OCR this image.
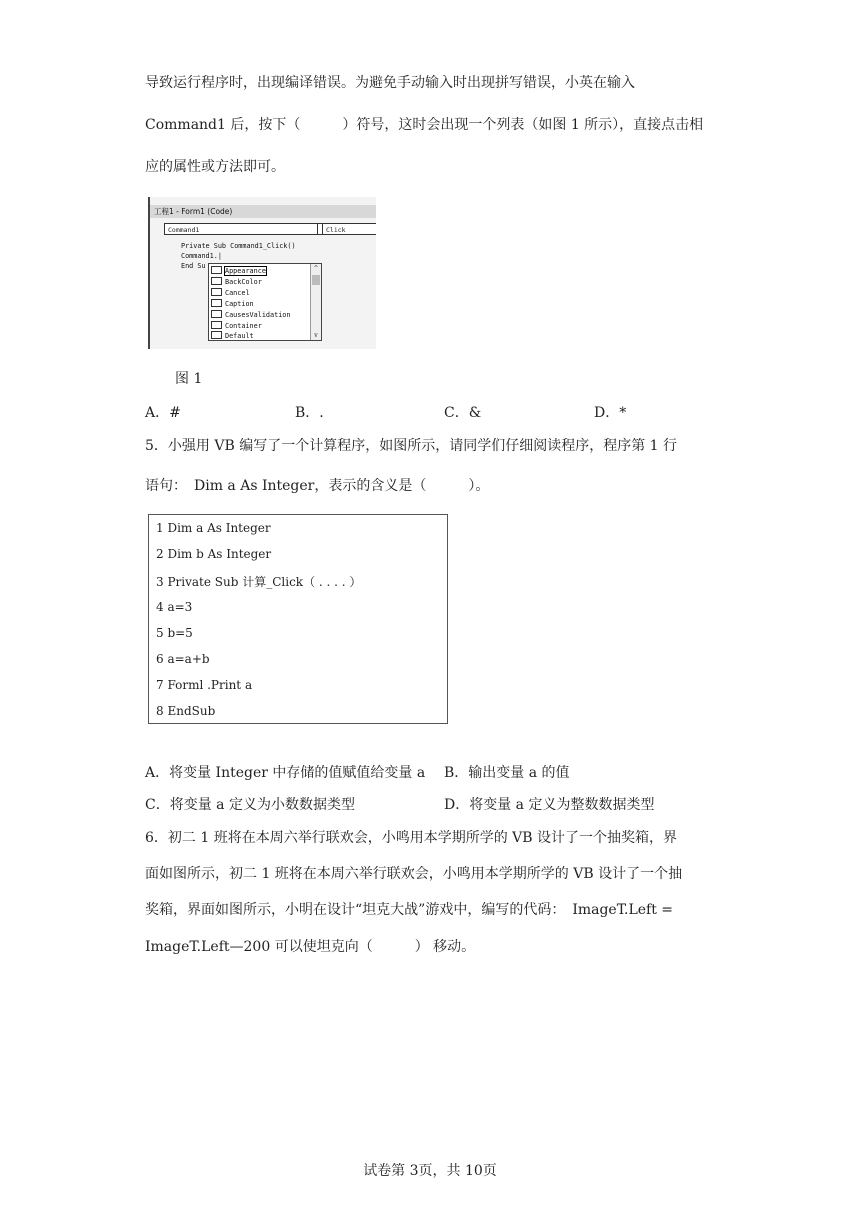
导致运行程序时，出现编译错误。为避免手动输入时出现拼写错误，小英在输入
Command1 后，按下（　　　）符号，这时会出现一个列表（如图 1 所示），直接点击相
应的属性或方法即可。
工程1 - Form1 (Code)
Command1	Click
Private Sub Command1_Click()
Command1.|
End Su
Appearance
BackColor
Cancel
Caption
CausesValidation
Container
Default
^
v
图 1
A．#	B．.	C．&	D．*
5．小强用 VB 编写了一个计算程序，如图所示，请同学们仔细阅读程序，程序第 1 行
语句：　Dim a As Integer，表示的含义是（　　　）。
1 Dim a As Integer
2 Dim b As Integer
3 Private Sub 计算_Click（ . . . . ）
4 a=3
5 b=5
6 a=a+b
7 Forml .Print a
8 EndSub
A．将变量 Integer 中存储的值赋值给变量 a B．输出变量 a 的值
C．将变量 a 定义为小数数据类型	D．将变量 a 定义为整数数据类型
6．初二 1 班将在本周六举行联欢会，小鸣用本学期所学的 VB 设计了一个抽奖箱，界
面如图所示，初二 1 班将在本周六举行联欢会，小鸣用本学期所学的 VB 设计了一个抽
奖箱，界面如图所示，小明在设计“坦克大战”游戏中，编写的代码：　ImageT.Left =
ImageT.Left—200 可以使坦克向（　　　） 移动。
试卷第 3页，共 10页
